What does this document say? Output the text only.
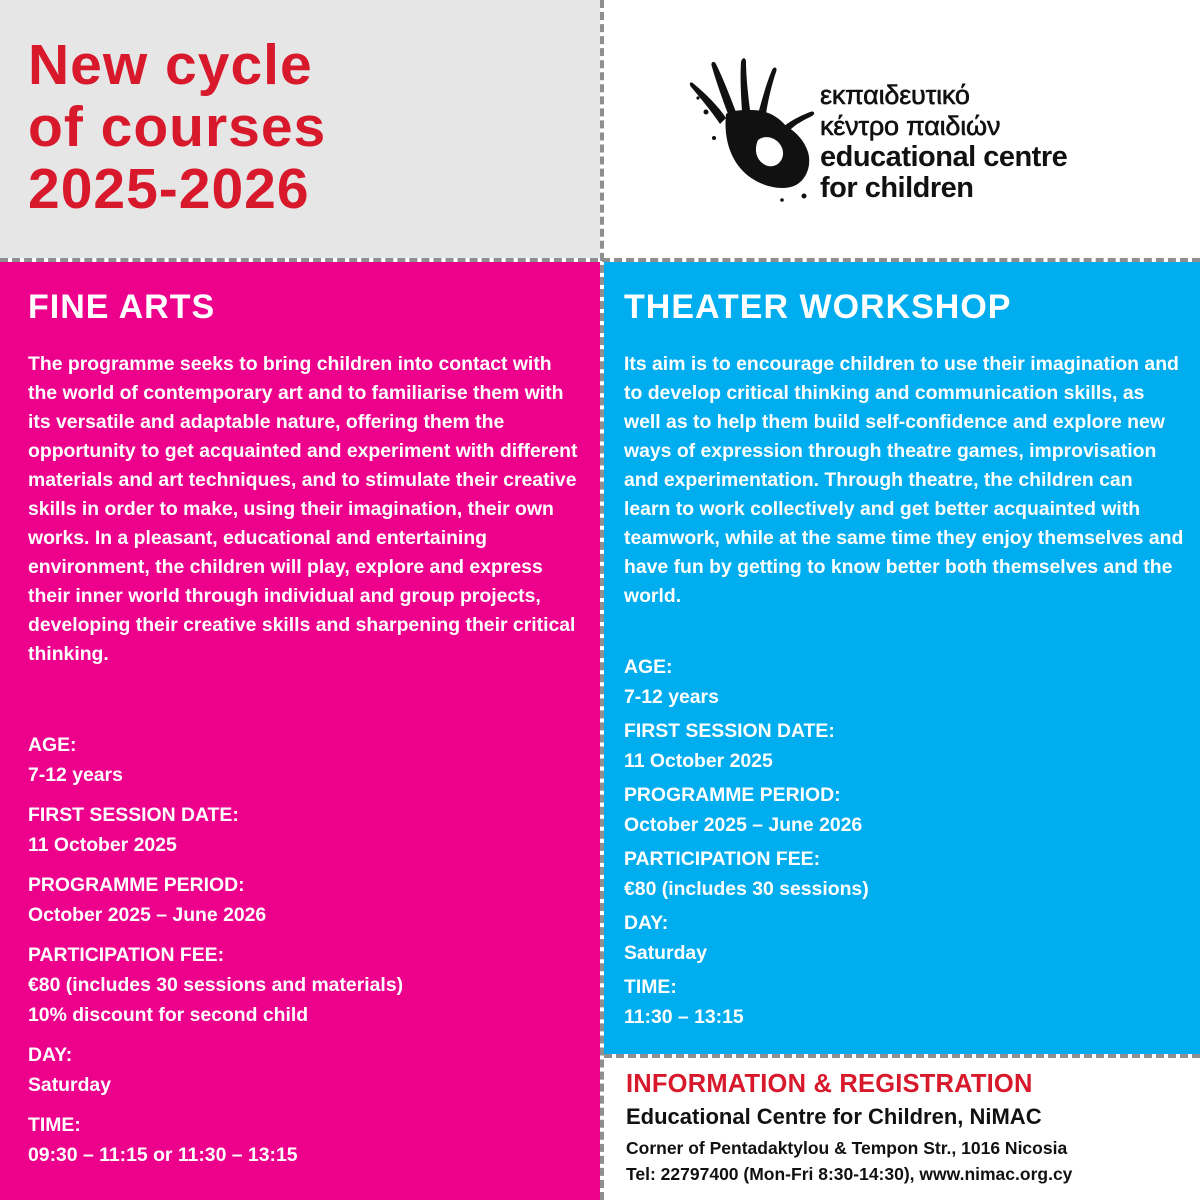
New cycle
of courses
2025-2026
εκπαιδευτικό
κέντρο παιδιών
educational centre
for children
FINE ARTS

The programme seeks to bring children into contact with the world of contemporary art and to familiarise them with its versatile and adaptable nature, offering them the opportunity to get acquainted and experiment with different materials and art techniques, and to stimulate their creative skills in order to make, using their imagination, their own works. In a pleasant, educational and entertaining environment, the children will play, explore and express their inner world through individual and group projects, developing their creative skills and sharpening their critical thinking.

AGE:
7-12 years
FIRST SESSION DATE:
11 October 2025
PROGRAMME PERIOD:
October 2025 – June 2026
PARTICIPATION FEE:
€80 (includes 30 sessions and materials)
10% discount for second child
DAY:
Saturday
TIME:
09:30 – 11:15 or 11:30 – 13:15
THEATER WORKSHOP

Its aim is to encourage children to use their imagination and to develop critical thinking and communication skills, as well as to help them build self-confidence and explore new ways of expression through theatre games, improvisation and experimentation. Through theatre, the children can learn to work collectively and get better acquainted with teamwork, while at the same time they enjoy themselves and have fun by getting to know better both themselves and the world.

AGE:
7-12 years
FIRST SESSION DATE:
11 October 2025
PROGRAMME PERIOD:
October 2025 – June 2026
PARTICIPATION FEE:
€80 (includes 30 sessions)
DAY:
Saturday
TIME:
11:30 – 13:15
INFORMATION & REGISTRATION

Educational Centre for Children, NiMAC

Corner of Pentadaktylou & Tempon Str., 1016 Nicosia

Tel: 22797400 (Mon-Fri 8:30-14:30), www.nimac.org.cy
